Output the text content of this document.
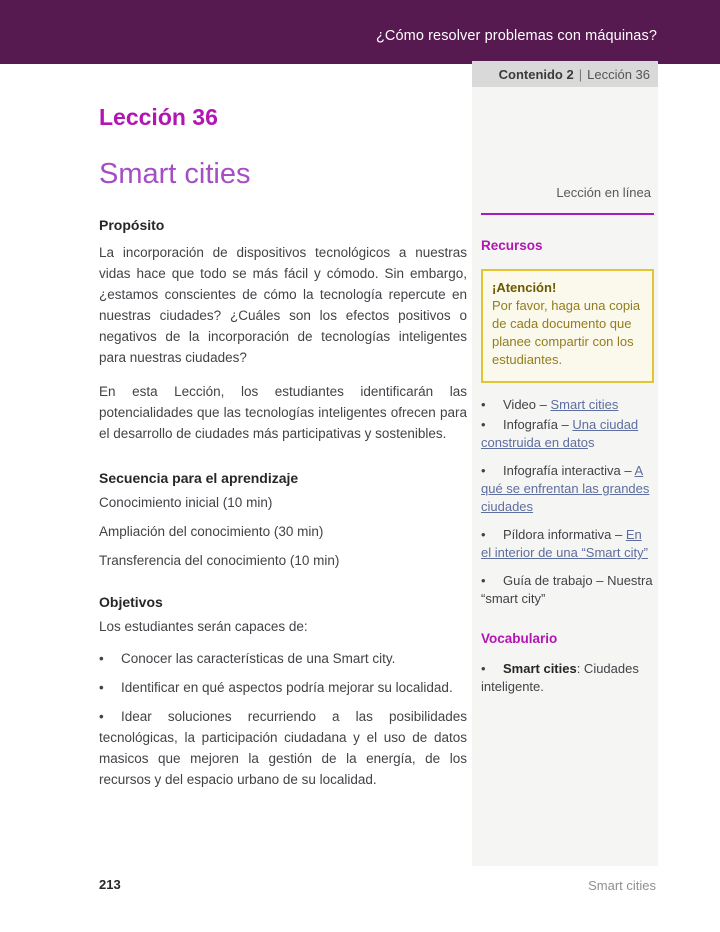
¿Cómo resolver problemas con máquinas?
Contenido 2 | Lección 36
Lección 36
Smart cities
Propósito

La incorporación de dispositivos tecnológicos a nuestras vidas hace que todo se más fácil y cómodo. Sin embargo, ¿estamos conscientes de cómo la tecnología repercute en nuestras ciudades? ¿Cuáles son los efectos positivos o negativos de la incorporación de tecnologías inteligentes para nuestras ciudades?

En esta Lección, los estudiantes identificarán las potencialidades que las tecnologías inteligentes ofrecen para el desarrollo de ciudades más participativas y sostenibles.

Secuencia para el aprendizaje

Conocimiento inicial (10 min)

Ampliación del conocimiento (30 min)

Transferencia del conocimiento (10 min)

Objetivos

Los estudiantes serán capaces de:

• Conocer las características de una Smart city.
• Identificar en qué aspectos podría mejorar su localidad.
• Idear soluciones recurriendo a las posibilidades tecnológicas, la participación ciudadana y el uso de datos masicos que mejoren la gestión de la energía, de los recursos y del espacio urbano de su localidad.
Lección en línea
Recursos
¡Atención!
Por favor, haga una copia de cada documento que planee compartir con los estudiantes.
• Video – Smart cities
• Infografía – Una ciudad construida en datos
• Infografía interactiva – A qué se enfrentan las grandes ciudades
• Píldora informativa – En el interior de una “Smart city”
• Guía de trabajo – Nuestra “smart city”
Vocabulario
• Smart cities: Ciudades inteligente.
213	Smart cities
